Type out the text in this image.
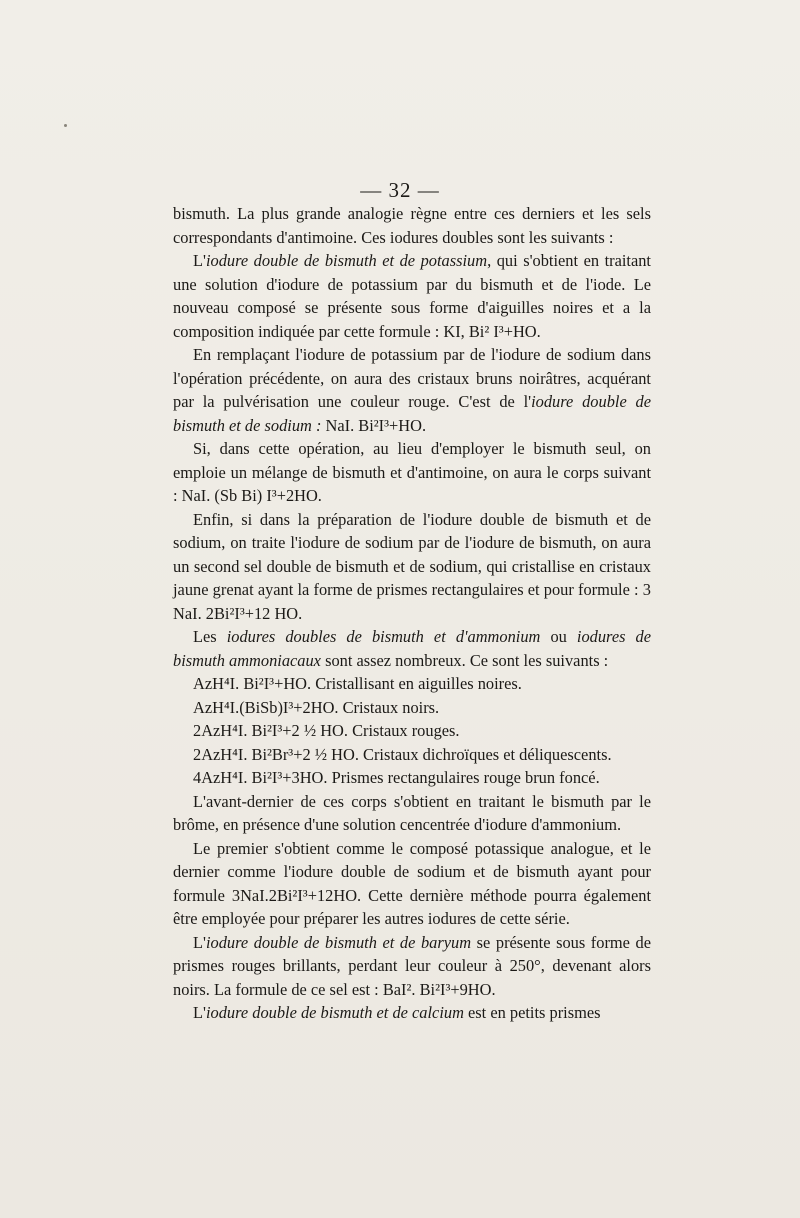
— 32 —

bismuth. La plus grande analogie règne entre ces derniers et les sels correspondants d'antimoine. Ces iodures doubles sont les suivants :

L'iodure double de bismuth et de potassium, qui s'obtient en traitant une solution d'iodure de potassium par du bismuth et de l'iode. Le nouveau composé se présente sous forme d'aiguilles noires et a la composition indiquée par cette formule : KI, Bi² I³+HO.

En remplaçant l'iodure de potassium par de l'iodure de sodium dans l'opération précédente, on aura des cristaux bruns noirâtres, acquérant par la pulvérisation une couleur rouge. C'est de l'iodure double de bismuth et de sodium : NaI. Bi²I³+HO.

Si, dans cette opération, au lieu d'employer le bismuth seul, on emploie un mélange de bismuth et d'antimoine, on aura le corps suivant : NaI. (Sb Bi) I³+2HO.

Enfin, si dans la préparation de l'iodure double de bismuth et de sodium, on traite l'iodure de sodium par de l'iodure de bismuth, on aura un second sel double de bismuth et de sodium, qui cristallise en cristaux jaune grenat ayant la forme de prismes rectangulaires et pour formule : 3 NaI. 2Bi²I³+12 HO.

Les iodures doubles de bismuth et d'ammonium ou iodures de bismuth ammoniacaux sont assez nombreux. Ce sont les suivants :

AzH⁴I. Bi²I³+HO. Cristallisant en aiguilles noires.

AzH⁴I.(BiSb)I³+2HO. Cristaux noirs.

2AzH⁴I. Bi²I³+2 ½ HO. Cristaux rouges.

2AzH⁴I. Bi²Br³+2 ½ HO. Cristaux dichroïques et déliquescents.

4AzH⁴I. Bi²I³+3HO. Prismes rectangulaires rouge brun foncé.

L'avant-dernier de ces corps s'obtient en traitant le bismuth par le brôme, en présence d'une solution cencentrée d'iodure d'ammonium.

Le premier s'obtient comme le composé potassique analogue, et le dernier comme l'iodure double de sodium et de bismuth ayant pour formule 3NaI.2Bi²I³+12HO. Cette dernière méthode pourra également être employée pour préparer les autres iodures de cette série.

L'iodure double de bismuth et de baryum se présente sous forme de prismes rouges brillants, perdant leur couleur à 250°, devenant alors noirs. La formule de ce sel est : BaI². Bi²I³+9HO.

L'iodure double de bismuth et de calcium est en petits prismes
